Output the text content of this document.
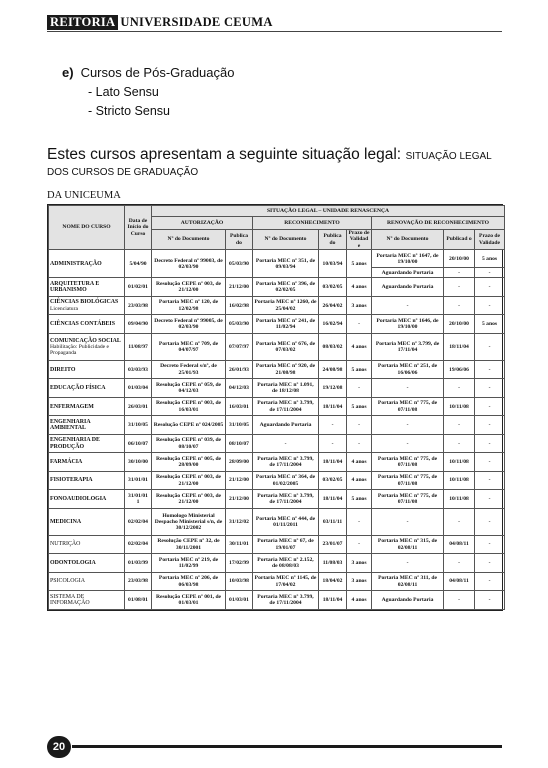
REITORIA UNIVERSIDADE CEUMA
e) Cursos de Pós-Graduação
- Lato Sensu
- Stricto Sensu
Estes cursos apresentam a seguinte situação legal: SITUAÇÃO LEGAL DOS CURSOS DE GRADUAÇÃO
DA UNICEUMA
NOME DO CURSO	Data de Início do Curso	SITUAÇÃO LEGAL – UNIDADE RENASCENÇA							
		AUTORIZAÇÃO		RECONHECIMENTO			RENOVAÇÃO DE RECONHECIMENTO		
		Nº do Documento	Publica do	Nº do Documento	Publica do	Prazo de Validad e	Nº do Documento	Publicad o	Prazo de Validade
ADMINISTRAÇÃO	5/04/90	Decreto Federal nº 99003, de 02/03/90	05/03/90	Portaria MEC nº 351, de 09/03/94	10/03/94	5 anos	Portaria MEC nº 1647, de 19/10/00	20/10/00	5 anos
							Aguardando Portaria	-	-
ARQUITETURA E URBANISMO	01/02/01	Resolução CEPE nº 003, de 21/12/00	21/12/00	Portaria MEC nº 396, de 02/02/05	03/02/05	4 anos	Aguardando Portaria	-	-
CIÊNCIAS BIOLÓGICAS
Licenciatura	23/03/98	Portaria MEC nº 120, de 12/02/98	16/02/98	Portaria MEC nº 1260, de 25/04/02	26/04/02	3 anos	-	-	-
CIÊNCIAS CONTÁBEIS	09/04/90	Decreto Federal nº 99005, de 02/03/90	05/03/90	Portaria MEC nº 241, de 11/02/94	16/02/94	-	Portaria MEC nº 1646, de 19/10/00	20/10/00	5 anos
COMUNICAÇÃO SOCIAL
Habilitação: Publicidade e Propaganda	11/08/97	Portaria MEC nº 709, de 04/07/97	07/07/97	Portaria MEC nº 676, de 07/03/02	08/03/02	4 anos	Portaria MEC nº 3.799, de 17/11/04	18/11/04	-
DIREITO	03/03/93	Decreto Federal s/nº, de 25/01/93	26/01/93	Portaria MEC nº 920, de 21/08/98	24/08/98	5 anos	Portaria MEC nº 251, de 16/06/06	19/06/06	-
EDUCAÇÃO FÍSICA	01/03/04	Resolução CEPE nº 059, de 04/12/03	04/12/03	Portaria MEC nº 1.091, de 18/12/08	19/12/08	-	-	-	-
ENFERMAGEM	26/03/01	Resolução CEPE nº 003, de 16/03/01	16/03/01	Portaria MEC nº 3.799, de 17/11/2004	18/11/04	5 anos	Portaria MEC nº 775, de 07/11/08	10/11/08	-
ENGENHARIA AMBIENTAL	31/10/05	Resolução CEPE nº 024/2005	31/10/05	Aguardando Portaria	-	-	-	-	-
ENGENHARIA DE PRODUÇÃO	06/10/07	Resolução CEPE nº 039, de 08/10/07	08/10/07	-	-	-	-	-	-
FARMÁCIA	30/10/00	Resolução CEPE nº 005, de 28/09/00	28/09/00	Portaria MEC nº 3.799, de 17/11/2004	18/11/04	4 anos	Portaria MEC nº 775, de 07/11/08	10/11/08	-
FISIOTERAPIA	31/01/01	Resolução CEPE nº 003, de 21/12/00	21/12/00	Portaria MEC nº 364, de 01/02/2005	03/02/05	4 anos	Portaria MEC nº 775, de 07/11/08	10/11/08	-
FONOAUDIOLOGIA	31/01/01 1	Resolução CEPE nº 003, de 21/12/00	21/12/00	Portaria MEC nº 3.799, de 17/11/2004	18/11/04	5 anos	Portaria MEC nº 775, de 07/11/08	10/11/08	-
MEDICINA	02/02/04	Homologo Ministerial Despacho Ministerial s/n, de 30/12/2002	31/12/02	Portaria MEC nº 444, de 01/11/2011	03/11/11	-	-	-	-
NUTRIÇÃO	02/02/04	Resolução CEPE nº 32, de 30/11/2001	30/11/01	Portaria MEC nº 67, de 19/01/07	23/01/07	-	Portaria MEC nº 315, de 02/08/11	04/08/11	-
ODONTOLOGIA	01/03/99	Portaria MEC nº 219, de 11/02/99	17/02/99	Portaria MEC nº 2.152, de 08/08/03	11/08/03	3 anos	-	-	-
PSICOLOGIA	23/03/98	Portaria MEC nº 206, de 06/03/98	10/03/98	Portaria MEC nº 1145, de 17/04/02	18/04/02	3 anos	Portaria MEC nº 311, de 02/08/11	04/08/11	-
SISTEMA DE INFORMAÇÃO	01/08/01	Resolução CEPE nº 001, de 01/03/01	01/03/01	Portaria MEC nº 3.799, de 17/11/2004	18/11/04	4 anos	Aguardando Portaria	-	-
20
